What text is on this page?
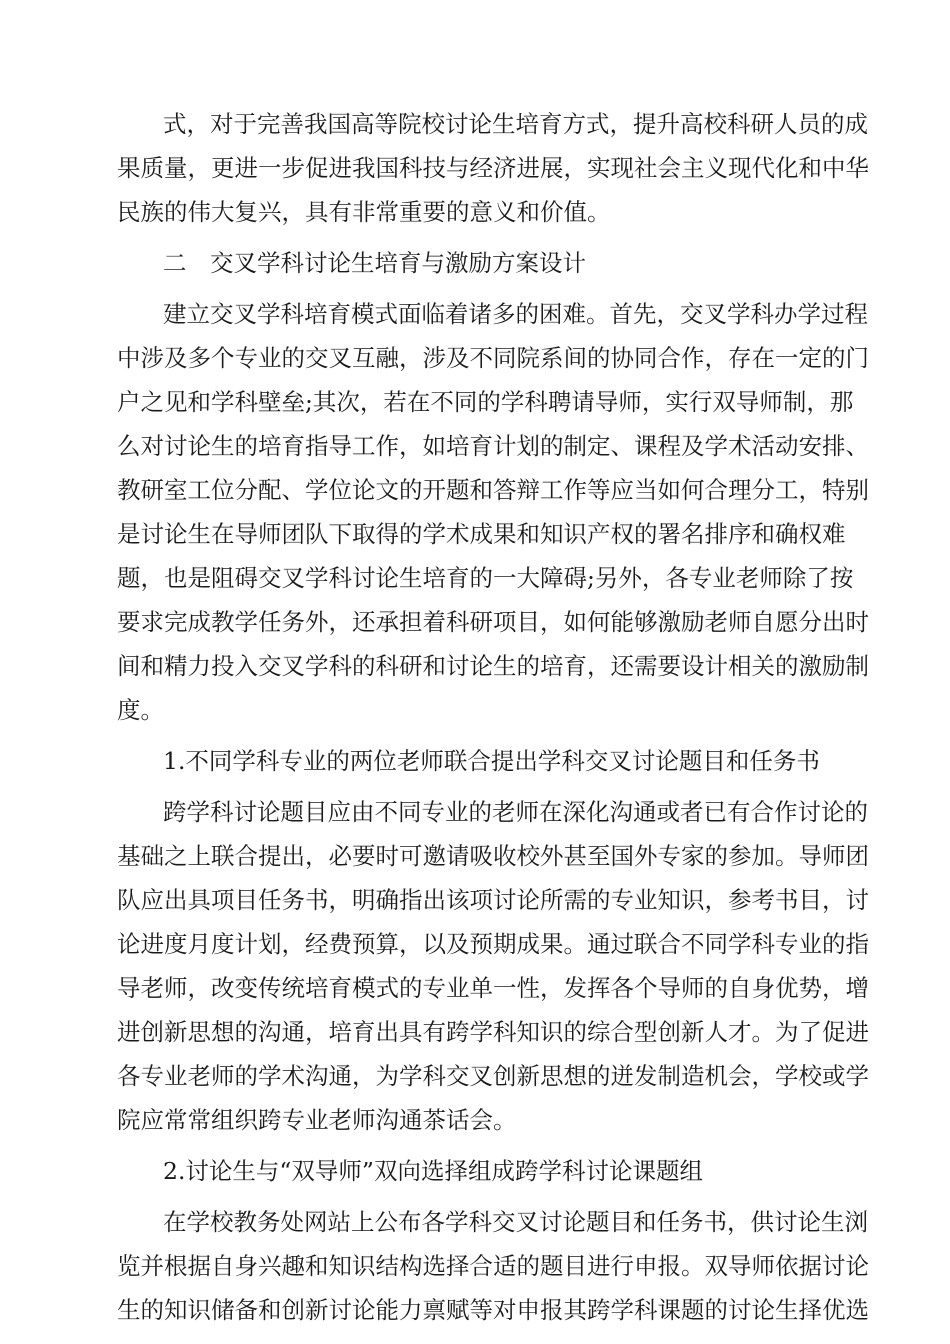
式，对于完善我国高等院校讨论生培育方式，提升高校科研人员的成
果质量，更进一步促进我国科技与经济进展，实现社会主义现代化和中华
民族的伟大复兴，具有非常重要的意义和价值。
二　交叉学科讨论生培育与激励方案设计
建立交叉学科培育模式面临着诸多的困难。首先，交叉学科办学过程
中涉及多个专业的交叉互融，涉及不同院系间的协同合作，存在一定的门
户之见和学科壁垒;其次，若在不同的学科聘请导师，实行双导师制，那
么对讨论生的培育指导工作，如培育计划的制定、课程及学术活动安排、
教研室工位分配、学位论文的开题和答辩工作等应当如何合理分工，特别
是讨论生在导师团队下取得的学术成果和知识产权的署名排序和确权难
题，也是阻碍交叉学科讨论生培育的一大障碍;另外，各专业老师除了按
要求完成教学任务外，还承担着科研项目，如何能够激励老师自愿分出时
间和精力投入交叉学科的科研和讨论生的培育，还需要设计相关的激励制
度。
1.不同学科专业的两位老师联合提出学科交叉讨论题目和任务书
跨学科讨论题目应由不同专业的老师在深化沟通或者已有合作讨论的
基础之上联合提出，必要时可邀请吸收校外甚至国外专家的参加。导师团
队应出具项目任务书，明确指出该项讨论所需的专业知识，参考书目，讨
论进度月度计划，经费预算，以及预期成果。通过联合不同学科专业的指
导老师，改变传统培育模式的专业单一性，发挥各个导师的自身优势，增
进创新思想的沟通，培育出具有跨学科知识的综合型创新人才。为了促进
各专业老师的学术沟通，为学科交叉创新思想的迸发制造机会，学校或学
院应常常组织跨专业老师沟通茶话会。
2.讨论生与“双导师”双向选择组成跨学科讨论课题组
在学校教务处网站上公布各学科交叉讨论题目和任务书，供讨论生浏
览并根据自身兴趣和知识结构选择合适的题目进行申报。双导师依据讨论
生的知识储备和创新讨论能力禀赋等对申报其跨学科课题的讨论生择优选
